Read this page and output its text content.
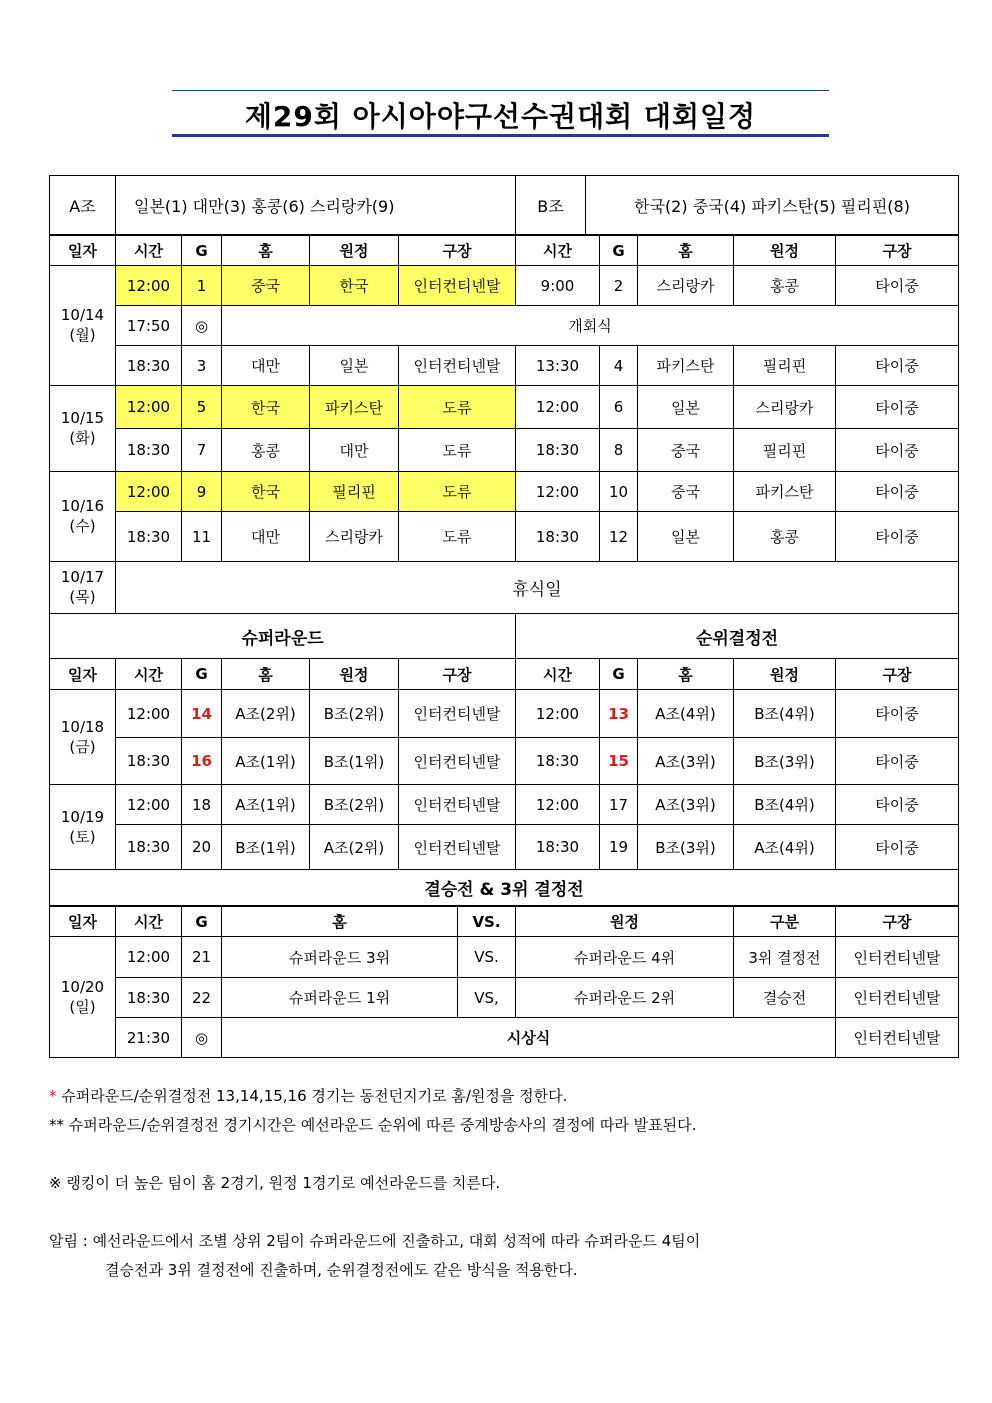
제29회 아시아야구선수권대회 대회일정
A조	일본(1) 대만(3) 홍콩(6) 스리랑카(9)	B조	한국(2) 중국(4) 파키스탄(5) 필리핀(8)
일자	시간	G	홈	원정	구장	시간	G	홈	원정	구장	
10/14
(월)	12:00	1	중국	한국	인터컨티넨탈	9:00	2	스리랑카	홍콩	타이중	
	17:50	◎	개회식	
	18:30	3	대만	일본	인터컨티넨탈	13:30	4	파키스탄	필리핀	타이중	
10/15
(화)	12:00	5	한국	파키스탄	도류	12:00	6	일본	스리랑카	타이중	
	18:30	7	홍콩	대만	도류	18:30	8	중국	필리핀	타이중	
10/16
(수)	12:00	9	한국	필리핀	도류	12:00	10	중국	파키스탄	타이중	
	18:30	11	대만	스리랑카	도류	18:30	12	일본	홍콩	타이중	
10/17
(목)	휴식일										
슈퍼라운드						순위결정전					
일자	시간	G	홈	원정	구장	시간	G	홈	원정	구장	
10/18
(금)	12:00	14	A조(2위)	B조(2위)	인터컨티넨탈	12:00	13	A조(4위)	B조(4위)	타이중	
	18:30	16	A조(1위)	B조(1위)	인터컨티넨탈	18:30	15	A조(3위)	B조(3위)	타이중	
10/19
(토)	12:00	18	A조(1위)	B조(2위)	인터컨티넨탈	12:00	17	A조(3위)	B조(4위)	타이중	
	18:30	20	B조(1위)	A조(2위)	인터컨티넨탈	18:30	19	B조(3위)	A조(4위)	타이중	
결승전 & 3위 결정전											
일자	시간	G	홈	VS.	원정	구분	구장
10/20
(일)	12:00	21	슈퍼라운드 3위	VS.	슈퍼라운드 4위	3위 결정전	인터컨티넨탈
	18:30	22	슈퍼라운드 1위	VS,	슈퍼라운드 2위	결승전	인터컨티넨탈
	21:30	◎	시상식				인터컨티넨탈

* 슈퍼라운드/순위결정전 13,14,15,16 경기는 동전던지기로 홈/원정을 정한다.

** 슈퍼라운드/순위결정전 경기시간은 예선라운드 순위에 따른 중계방송사의 결정에 따라 발표된다.

※ 랭킹이 더 높은 팀이 홈 2경기, 원정 1경기로 예선라운드를 치른다.

알림 : 예선라운드에서 조별 상위 2팀이 슈퍼라운드에 진출하고, 대회 성적에 따라 슈퍼라운드 4팀이

결승전과 3위 결정전에 진출하며, 순위결정전에도 같은 방식을 적용한다.
